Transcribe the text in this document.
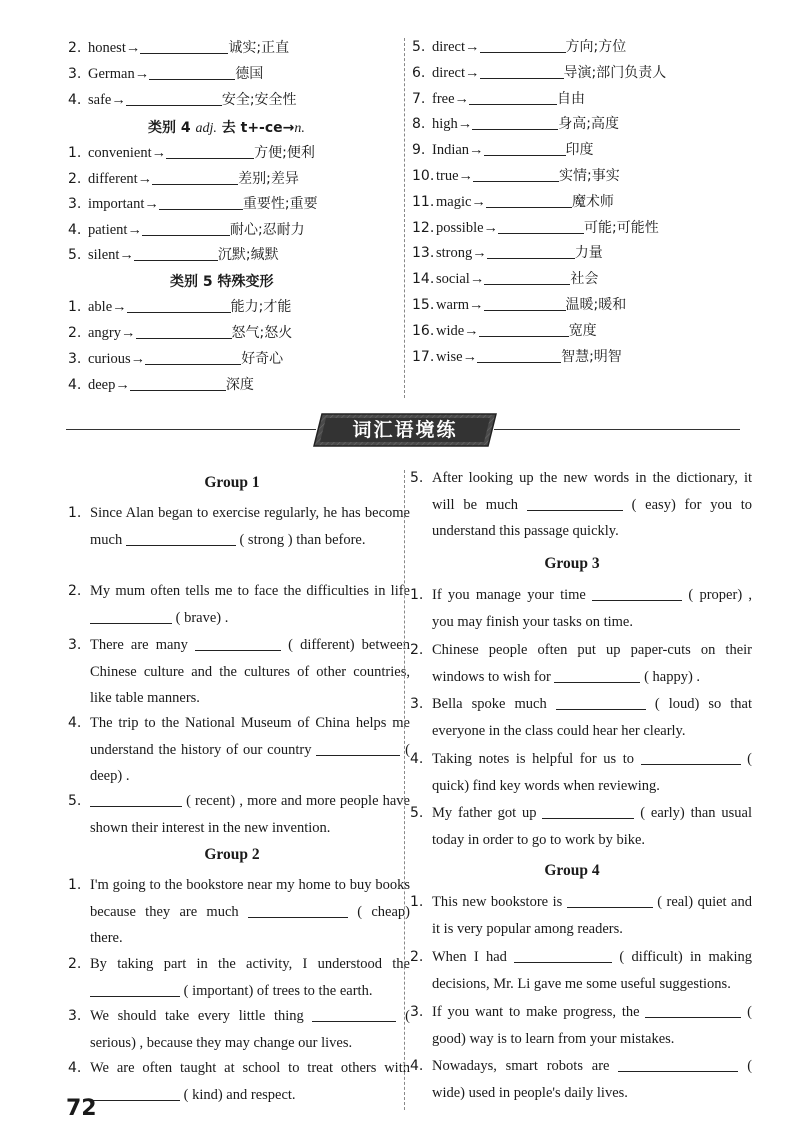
2. honest→	诚实;正直
3. German→	德国
4. safe→	安全;安全性
类别 4 adj. 去 t+-ce→n.
1. convenient→	方便;便利
2. different→	差别;差异
3. important→	重要性;重要
4. patient→	耐心;忍耐力
5. silent→	沉默;缄默
类别 5 特殊变形
1. able→	能力;才能
2. angry→	怒气;怒火
3. curious→	好奇心
4. deep→	深度
5. direct→	方向;方位
6. direct→	导演;部门负责人
7. free→	自由
8. high→	身高;高度
9. Indian→	印度
10. true→	实情;事实
11. magic→	魔术师
12. possible→	可能;可能性
13. strong→	力量
14. social→	社会
15. warm→	温暖;暖和
16. wide→	宽度
17. wise→	智慧;明智
词汇语境练
Group 1
1. Since Alan began to exercise regularly, he has become much	( strong ) than before.
2. My mum often tells me to face the difficulties in life  ( brave) .
3. There are many	( different) between Chinese culture and the cultures of other countries, like table manners.
4. The trip to the National Museum of China helps me understand the history of our country	( deep) .
5.	( recent) , more and more people have shown their interest in the new invention.
Group 2
1. I'm going to the bookstore near my home to buy books because they are much	( cheap) there.
2. By taking part in the activity, I understood the  ( important) of trees to the earth.
3. We should take every little thing	( serious) , because they may change our lives.
4. We are often taught at school to treat others with  ( kind) and respect.
5. After looking up the new words in the dictionary, it will be much	( easy) for you to understand this passage quickly.
Group 3
1. If you manage your time	( proper) , you may finish your tasks on time.
2. Chinese people often put up paper-cuts on their windows to wish for	( happy) .
3. Bella spoke much	( loud) so that everyone in the class could hear her clearly.
4. Taking notes is helpful for us to	( quick) find key words when reviewing.
5. My father got up	( early) than usual today in order to go to work by bike.
Group 4
1. This new bookstore is	( real) quiet and it is very popular among readers.
2. When I had	( difficult) in making decisions, Mr. Li gave me some useful suggestions.
3. If you want to make progress, the	( good) way is to learn from your mistakes.
4. Nowadays, smart robots are	( wide) used in people's daily lives.
72
